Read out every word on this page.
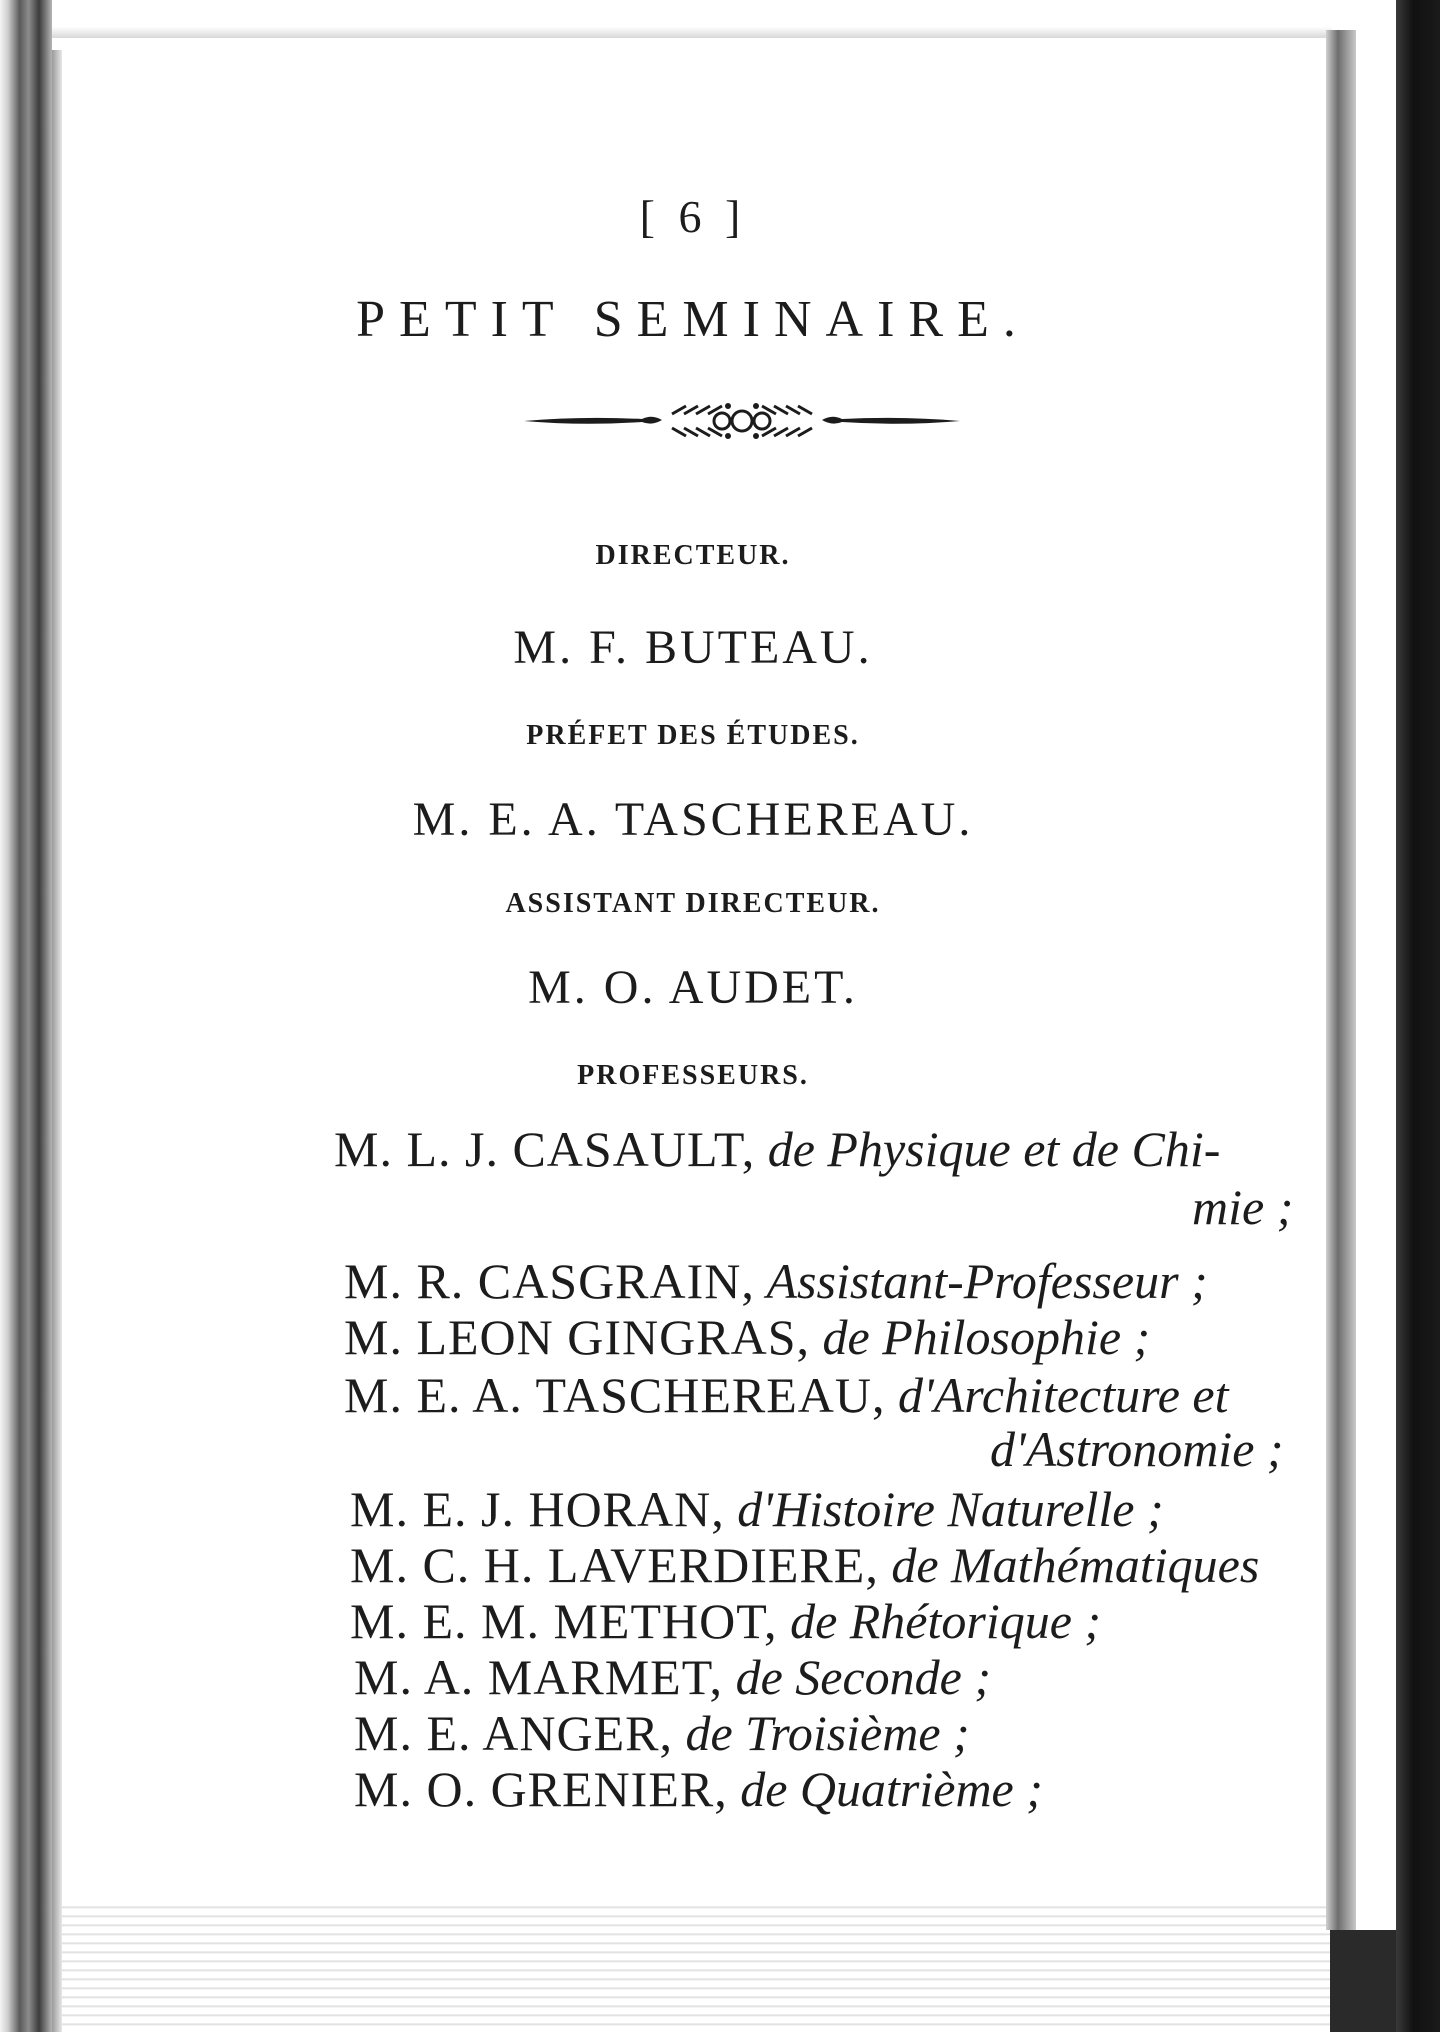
[ 6 ]
PETIT SEMINAIRE.
DIRECTEUR.
M. F. BUTEAU.
PRÉFET DES ÉTUDES.
M. E. A. TASCHEREAU.
ASSISTANT DIRECTEUR.
M. O. AUDET.
PROFESSEURS.
M. L. J. CASAULT, de Physique et de Chi-
mie ;
M. R. CASGRAIN, Assistant-Professeur ;
M. LEON GINGRAS, de Philosophie ;
M. E. A. TASCHEREAU, d'Architecture et
d'Astronomie ;
M. E. J. HORAN, d'Histoire Naturelle ;
M. C. H. LAVERDIERE, de Mathématiques
M. E. M. METHOT, de Rhétorique ;
M. A. MARMET, de Seconde ;
M. E. ANGER, de Troisième ;
M. O. GRENIER, de Quatrième ;
